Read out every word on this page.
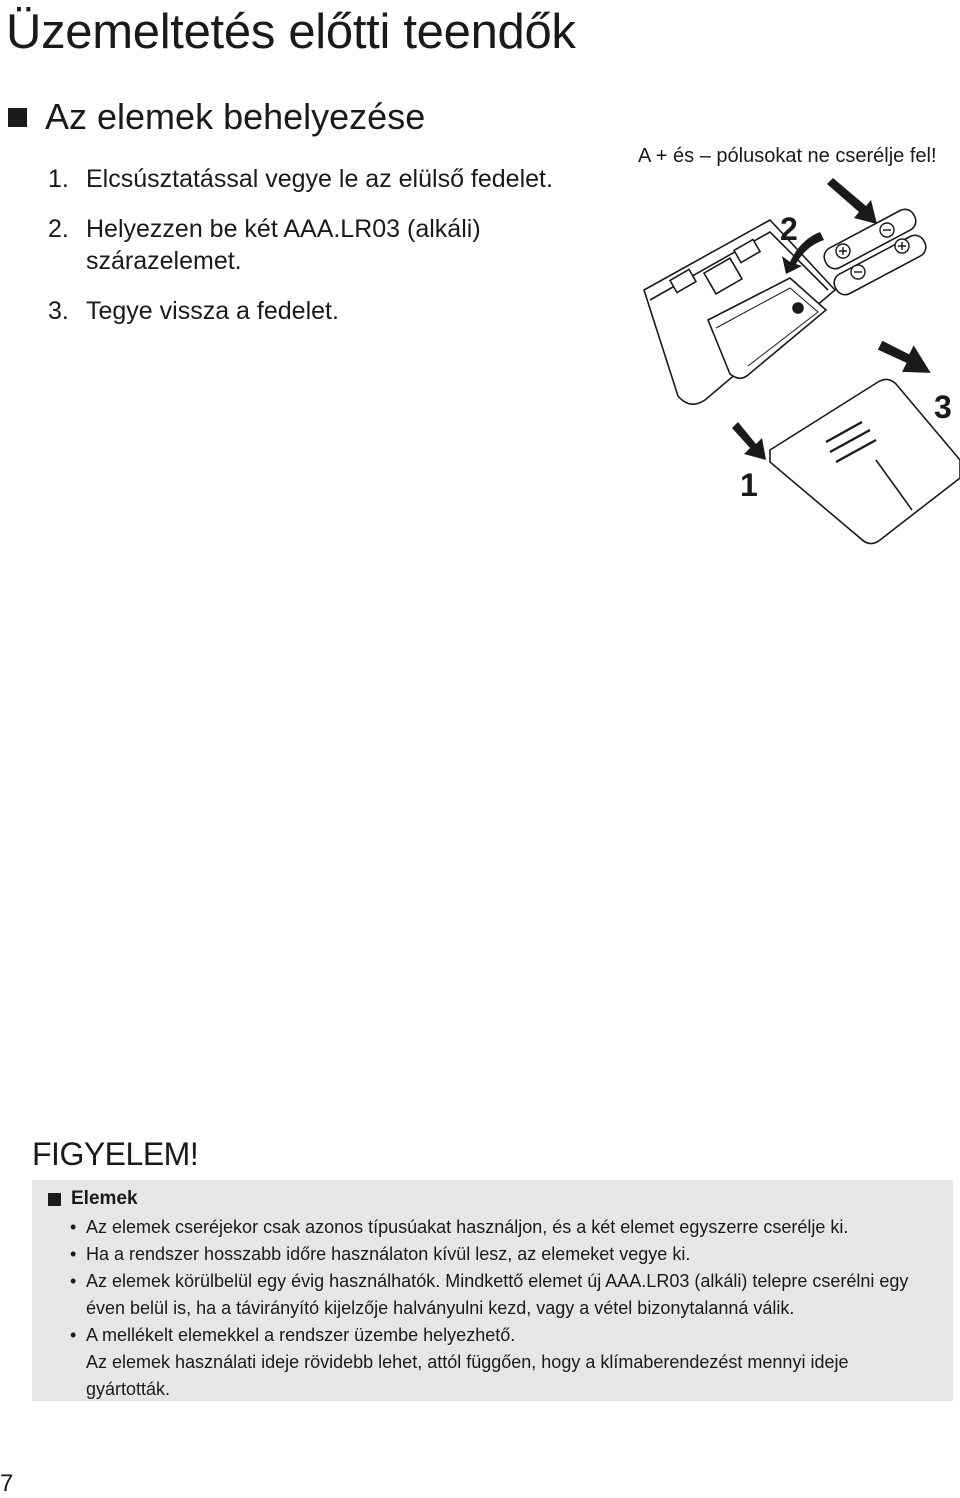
Üzemeltetés előtti teendők
Az elemek behelyezése
1. Elcsúsztatással vegye le az elülső fedelet.
2. Helyezzen be két AAA.LR03 (alkáli) szárazelemet.
3. Tegye vissza a fedelet.
A + és – pólusokat ne cserélje fel!
2
3
1
FIGYELEM!
Elemek
• Az elemek cseréjekor csak azonos típusúakat használjon, és a két elemet egyszerre cserélje ki.
• Ha a rendszer hosszabb időre használaton kívül lesz, az elemeket vegye ki.
• Az elemek körülbelül egy évig használhatók. Mindkettő elemet új AAA.LR03 (alkáli) telepre cserélni egy éven belül is, ha a távirányító kijelzője halványulni kezd, vagy a vétel bizonytalanná válik.
• A mellékelt elemekkel a rendszer üzembe helyezhető.
Az elemek használati ideje rövidebb lehet, attól függően, hogy a klímaberendezést mennyi ideje gyártották.
7
